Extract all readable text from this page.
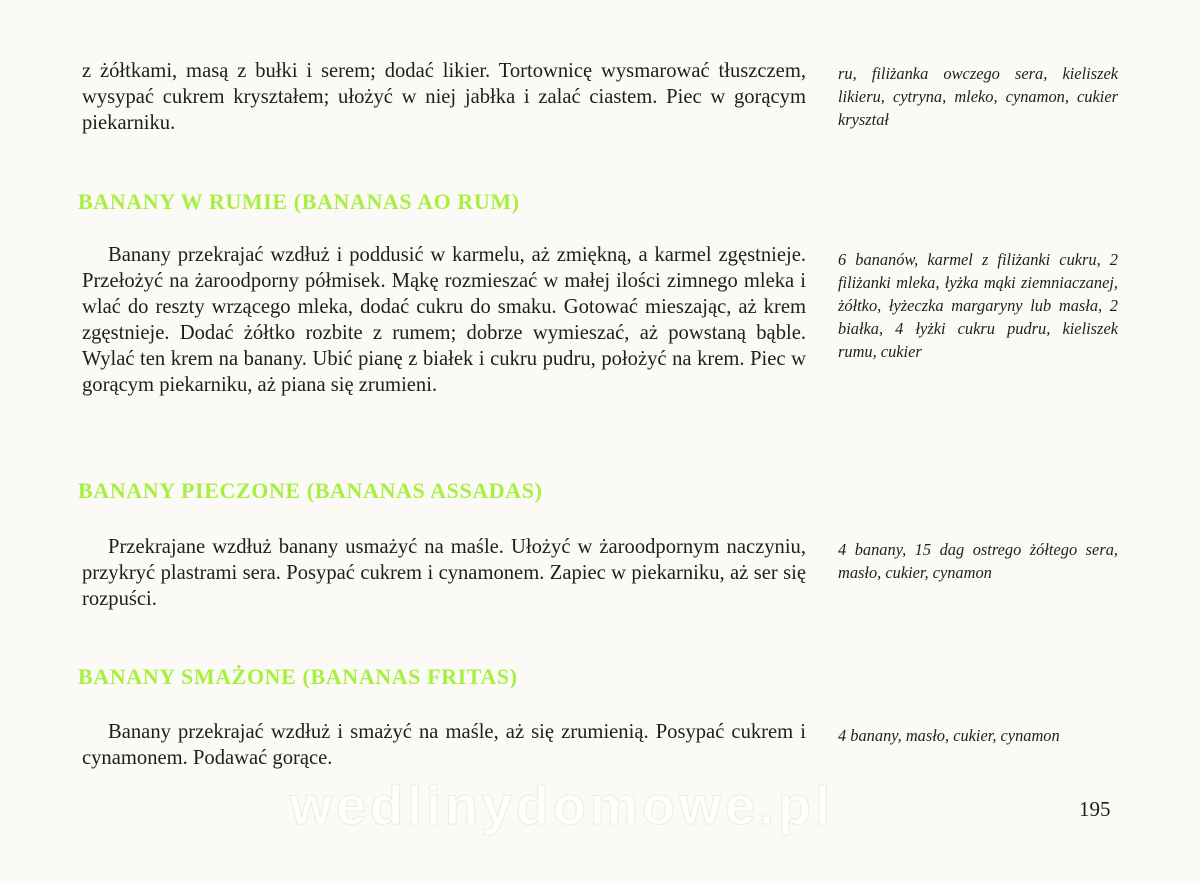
z żółtkami, masą z bułki i serem; dodać likier. Tortownicę wysmarować tłuszczem, wysypać cukrem kryształem; ułożyć w niej jabłka i zalać ciastem. Piec w gorącym piekarniku.

ru, filiżanka owczego sera, kieliszek likieru, cytryna, mleko, cynamon, cukier kryształ

BANANY W RUMIE (BANANAS AO RUM)

Banany przekrajać wzdłuż i poddusić w karmelu, aż zmiękną, a karmel zgęstnieje. Przełożyć na żaroodporny półmisek. Mąkę rozmieszać w małej ilości zimnego mleka i wlać do reszty wrzącego mleka, dodać cukru do smaku. Gotować mieszając, aż krem zgęstnieje. Dodać żółtko rozbite z rumem; dobrze wymieszać, aż powstaną bąble. Wylać ten krem na banany. Ubić pianę z białek i cukru pudru, położyć na krem. Piec w gorącym piekarniku, aż piana się zrumieni.

6 bananów, karmel z filiżanki cukru, 2 filiżanki mleka, łyżka mąki ziemniaczanej, żółtko, łyżeczka margaryny lub masła, 2 białka, 4 łyżki cukru pudru, kieliszek rumu, cukier

BANANY PIECZONE (BANANAS ASSADAS)

Przekrajane wzdłuż banany usmażyć na maśle. Ułożyć w żaroodpornym naczyniu, przykryć plastrami sera. Posypać cukrem i cynamonem. Zapiec w piekarniku, aż ser się rozpuści.

4 banany, 15 dag ostrego żółtego sera, masło, cukier, cynamon

BANANY SMAŻONE (BANANAS FRITAS)

Banany przekrajać wzdłuż i smażyć na maśle, aż się zrumienią. Posypać cukrem i cynamonem. Podawać gorące.

4 banany, masło, cukier, cynamon

wedlinydomowe.pl	195
